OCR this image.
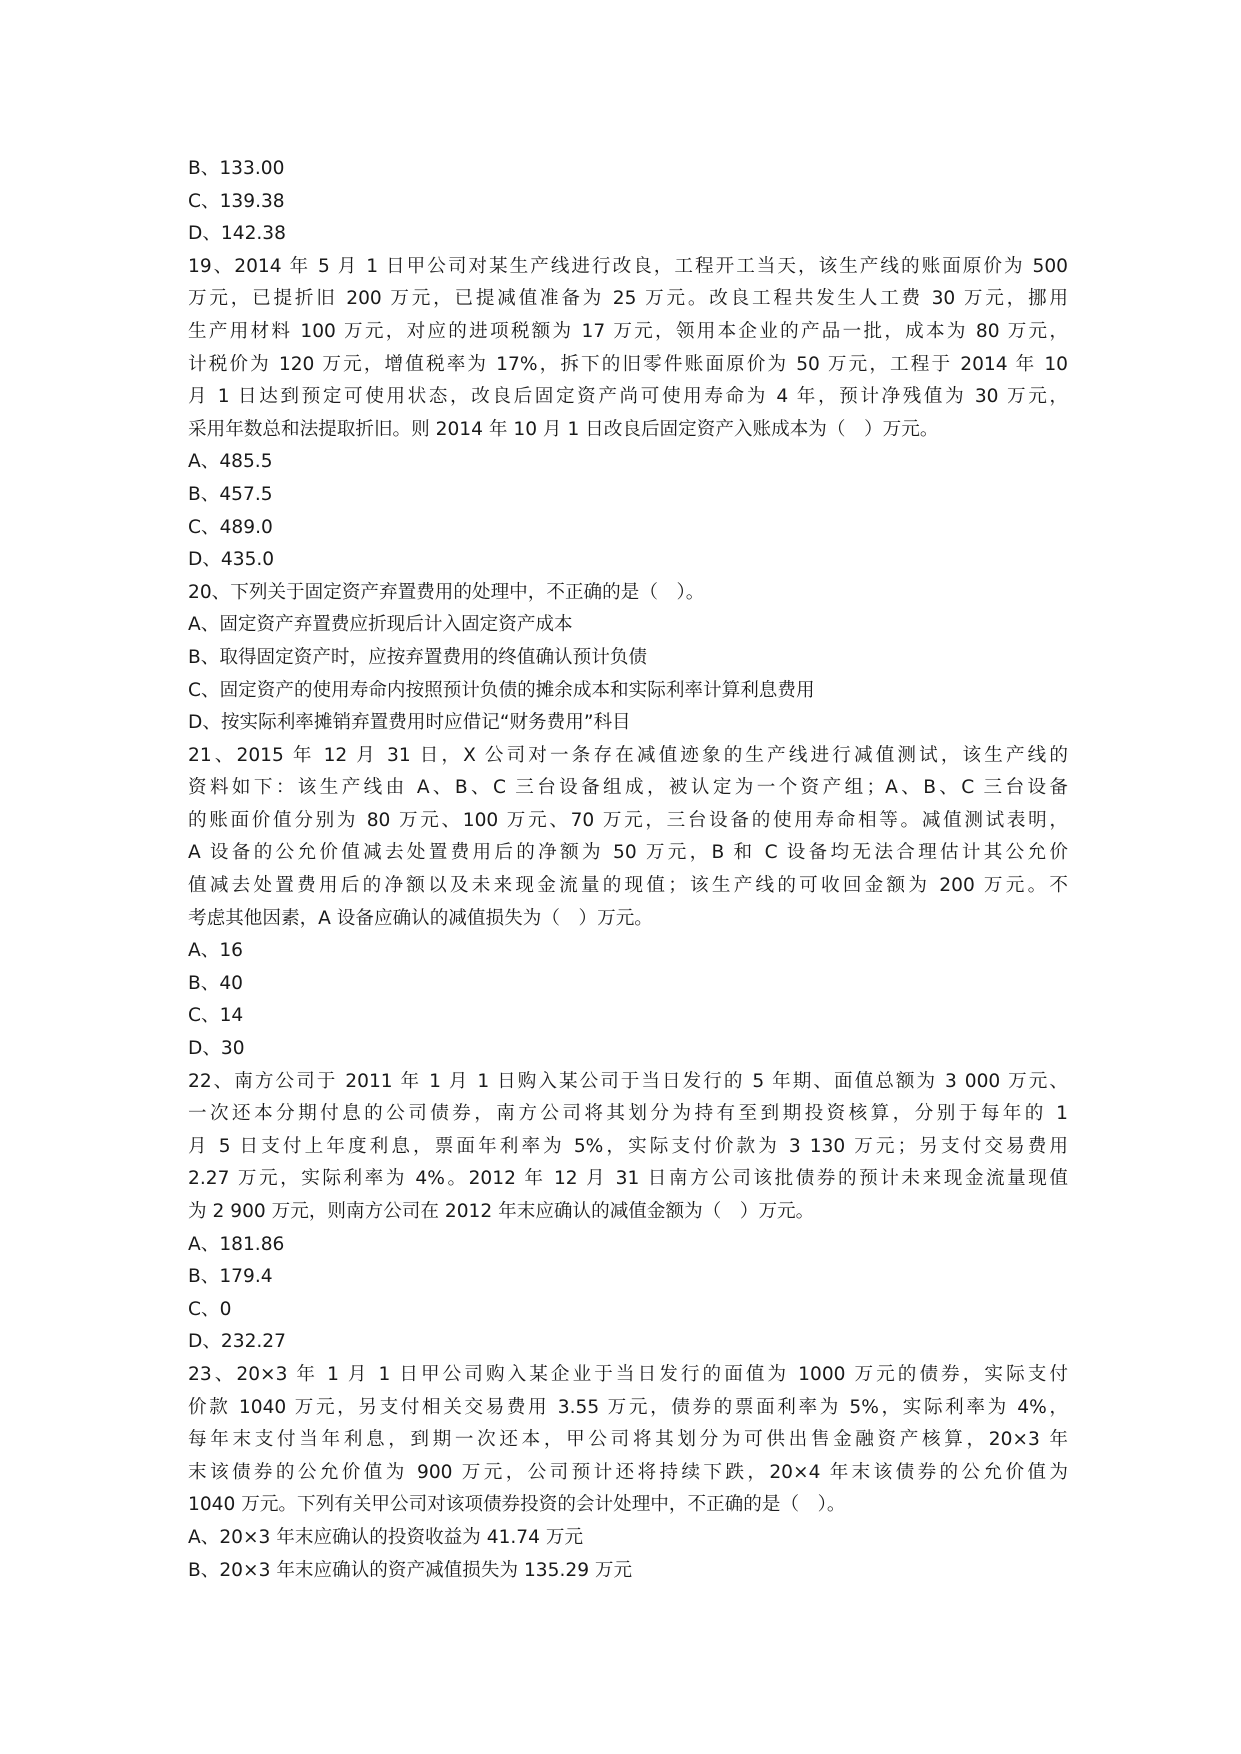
B、133.00
C、139.38
D、142.38
19、2014 年 5 月 1 日甲公司对某生产线进行改良，工程开工当天，该生产线的账面原价为 500
万元，已提折旧 200 万元，已提减值准备为 25 万元。改良工程共发生人工费 30 万元，挪用
生产用材料 100 万元，对应的进项税额为 17 万元，领用本企业的产品一批，成本为 80 万元，
计税价为 120 万元，增值税率为 17%，拆下的旧零件账面原价为 50 万元，工程于 2014 年 10
月 1 日达到预定可使用状态，改良后固定资产尚可使用寿命为 4 年，预计净残值为 30 万元，
采用年数总和法提取折旧。则 2014 年 10 月 1 日改良后固定资产入账成本为（　）万元。
A、485.5
B、457.5
C、489.0
D、435.0
20、下列关于固定资产弃置费用的处理中，不正确的是（　）。
A、固定资产弃置费应折现后计入固定资产成本
B、取得固定资产时，应按弃置费用的终值确认预计负债
C、固定资产的使用寿命内按照预计负债的摊余成本和实际利率计算利息费用
D、按实际利率摊销弃置费用时应借记“财务费用”科目
21、2015 年 12 月 31 日，X 公司对一条存在减值迹象的生产线进行减值测试，该生产线的
资料如下：该生产线由 A、B、C 三台设备组成，被认定为一个资产组；A、B、C 三台设备
的账面价值分别为 80 万元、100 万元、70 万元，三台设备的使用寿命相等。减值测试表明，
A 设备的公允价值减去处置费用后的净额为 50 万元，B 和 C 设备均无法合理估计其公允价
值减去处置费用后的净额以及未来现金流量的现值；该生产线的可收回金额为 200 万元。不
考虑其他因素，A 设备应确认的减值损失为（　）万元。
A、16
B、40
C、14
D、30
22、南方公司于 2011 年 1 月 1 日购入某公司于当日发行的 5 年期、面值总额为 3 000 万元、
一次还本分期付息的公司债券，南方公司将其划分为持有至到期投资核算，分别于每年的 1
月 5 日支付上年度利息，票面年利率为 5%，实际支付价款为 3 130 万元；另支付交易费用
2.27 万元，实际利率为 4%。2012 年 12 月 31 日南方公司该批债券的预计未来现金流量现值
为 2 900 万元，则南方公司在 2012 年末应确认的减值金额为（　）万元。
A、181.86
B、179.4
C、0
D、232.27
23、20×3 年 1 月 1 日甲公司购入某企业于当日发行的面值为 1000 万元的债券，实际支付
价款 1040 万元，另支付相关交易费用 3.55 万元，债券的票面利率为 5%，实际利率为 4%，
每年末支付当年利息，到期一次还本，甲公司将其划分为可供出售金融资产核算，20×3 年
末该债券的公允价值为 900 万元，公司预计还将持续下跌，20×4 年末该债券的公允价值为
1040 万元。下列有关甲公司对该项债券投资的会计处理中，不正确的是（　）。
A、20×3 年末应确认的投资收益为 41.74 万元
B、20×3 年末应确认的资产减值损失为 135.29 万元
